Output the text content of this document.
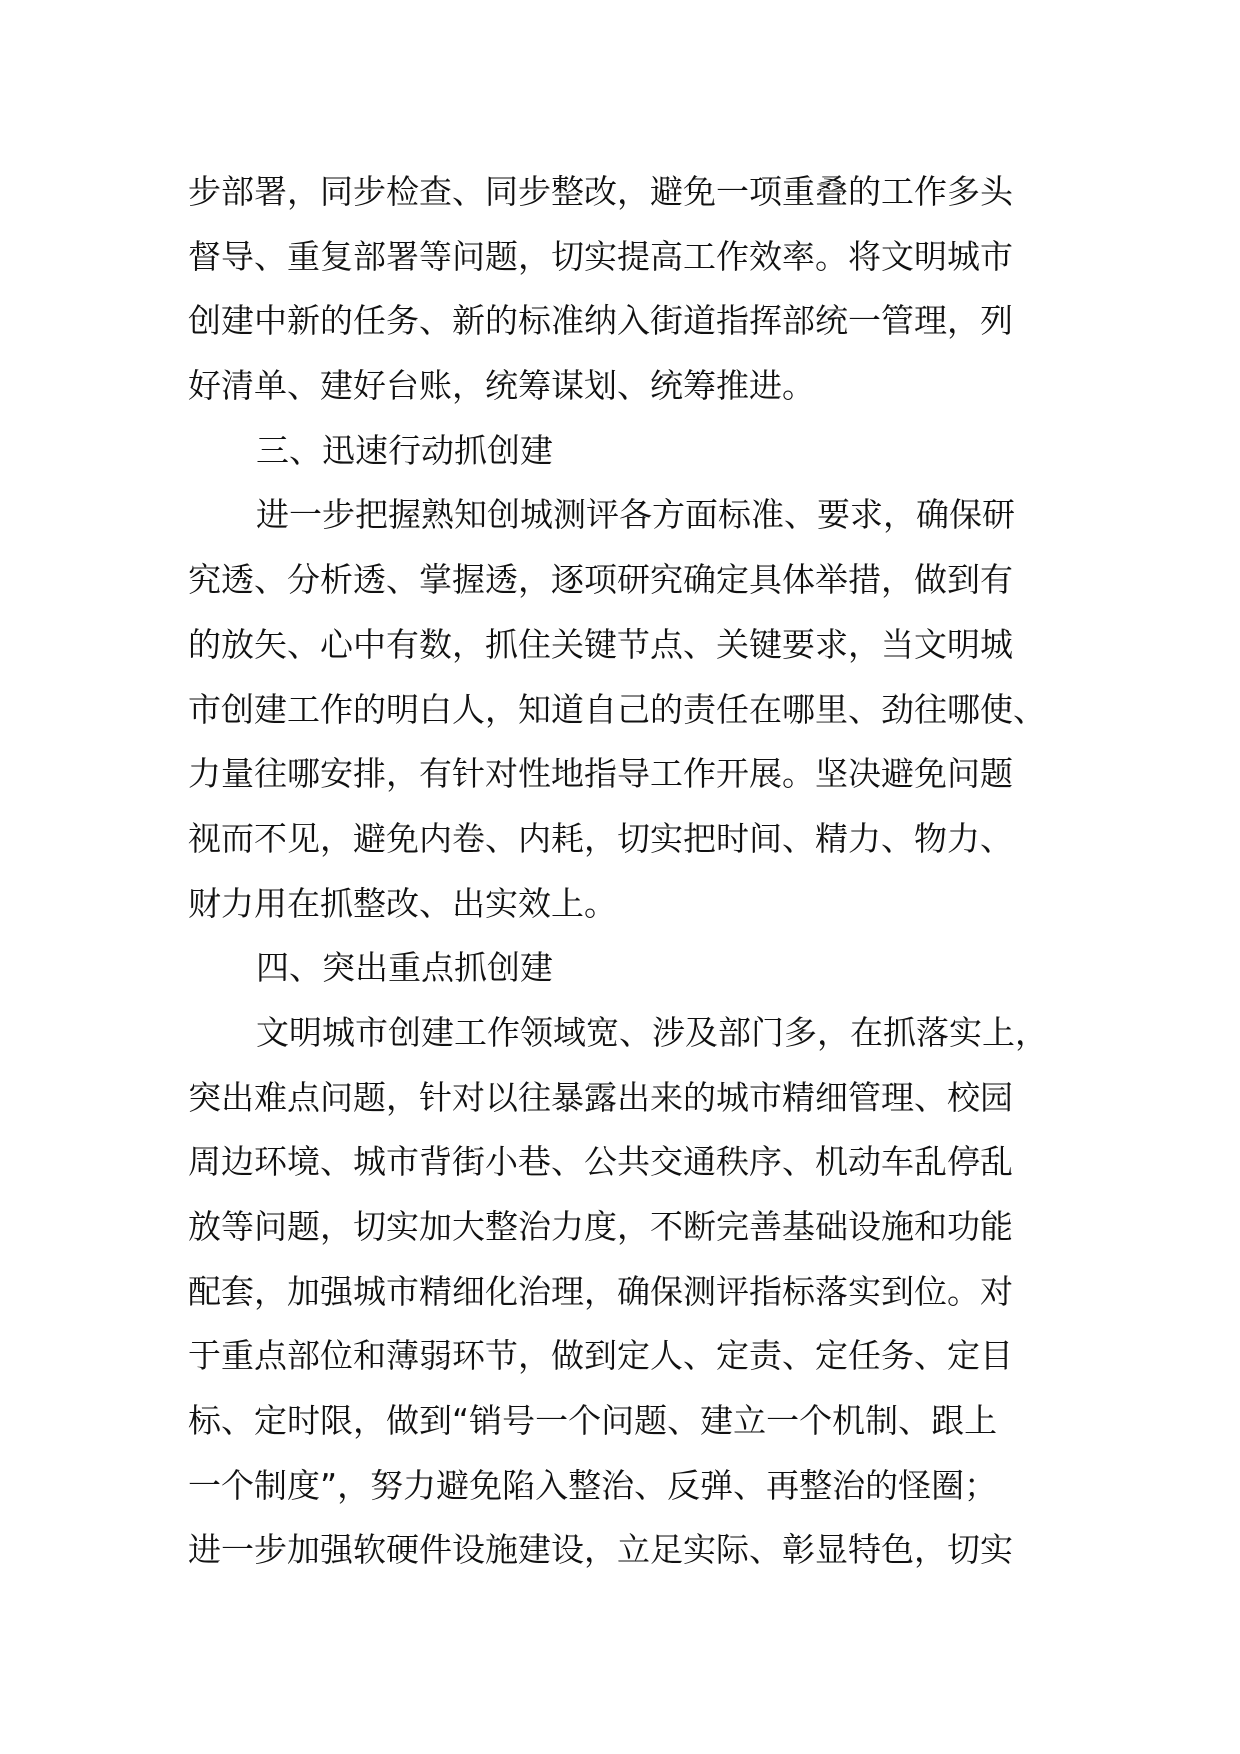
步部署，同步检查、同步整改，避免一项重叠的工作多头
督导、重复部署等问题，切实提高工作效率。将文明城市
创建中新的任务、新的标准纳入街道指挥部统一管理，列
好清单、建好台账，统筹谋划、统筹推进。
三、迅速行动抓创建
进一步把握熟知创城测评各方面标准、要求，确保研
究透、分析透、掌握透，逐项研究确定具体举措，做到有
的放矢、心中有数，抓住关键节点、关键要求，当文明城
市创建工作的明白人，知道自己的责任在哪里、劲往哪使、
力量往哪安排，有针对性地指导工作开展。坚决避免问题
视而不见，避免内卷、内耗，切实把时间、精力、物力、
财力用在抓整改、出实效上。
四、突出重点抓创建
文明城市创建工作领域宽、涉及部门多，在抓落实上，
突出难点问题，针对以往暴露出来的城市精细管理、校园
周边环境、城市背街小巷、公共交通秩序、机动车乱停乱
放等问题，切实加大整治力度，不断完善基础设施和功能
配套，加强城市精细化治理，确保测评指标落实到位。对
于重点部位和薄弱环节，做到定人、定责、定任务、定目
标、定时限，做到“销号一个问题、建立一个机制、跟上
一个制度”，努力避免陷入整治、反弹、再整治的怪圈；
进一步加强软硬件设施建设，立足实际、彰显特色，切实
